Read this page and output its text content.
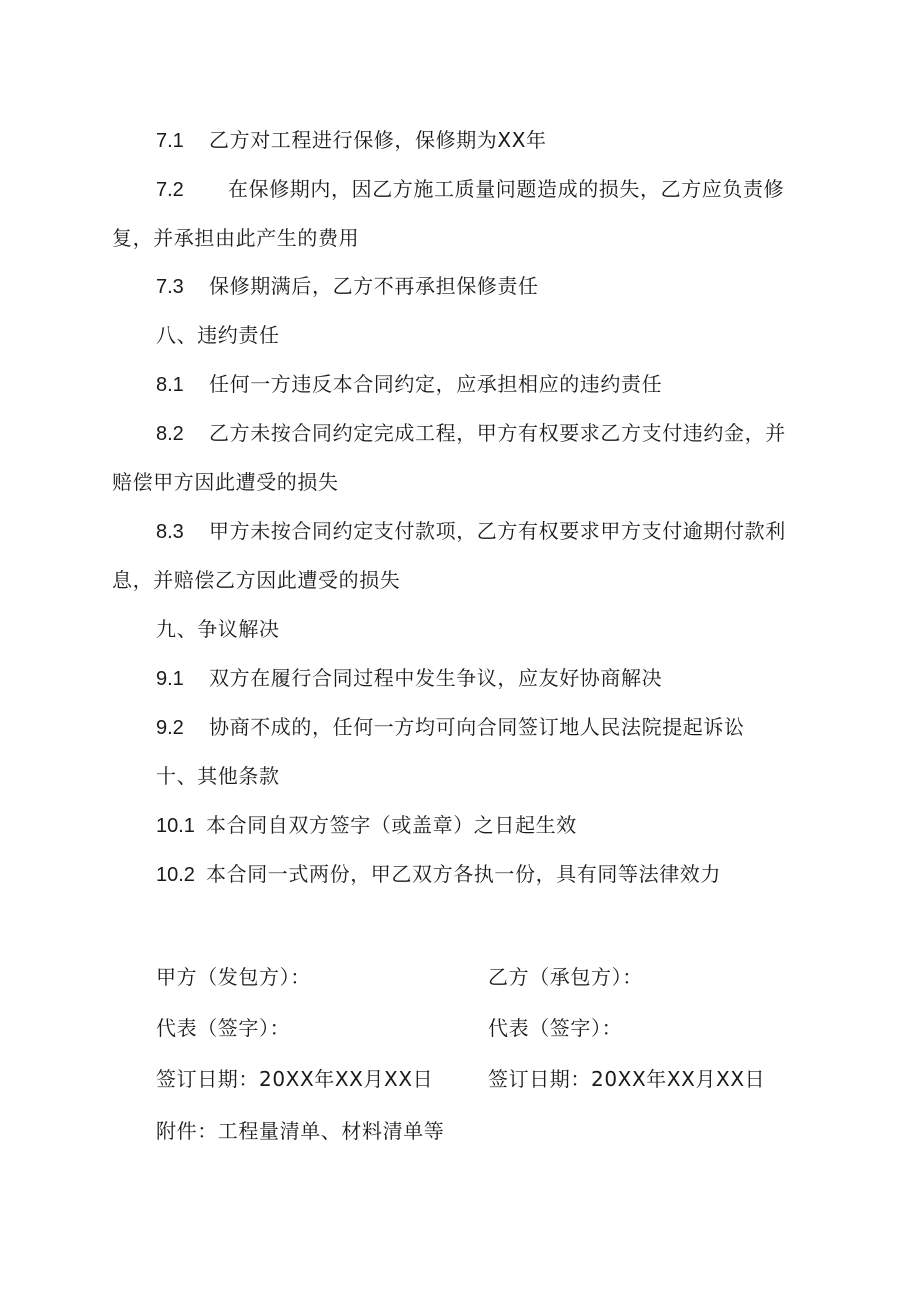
7.1 乙方对工程进行保修，保修期为XX年
7.2 在保修期内，因乙方施工质量问题造成的损失，乙方应负责修
复，并承担由此产生的费用
7.3 保修期满后，乙方不再承担保修责任
八、违约责任
8.1 任何一方违反本合同约定，应承担相应的违约责任
8.2 乙方未按合同约定完成工程，甲方有权要求乙方支付违约金，并
赔偿甲方因此遭受的损失
8.3 甲方未按合同约定支付款项，乙方有权要求甲方支付逾期付款利
息，并赔偿乙方因此遭受的损失
九、争议解决
9.1 双方在履行合同过程中发生争议，应友好协商解决
9.2 协商不成的，任何一方均可向合同签订地人民法院提起诉讼
十、其他条款
10.1 本合同自双方签字（或盖章）之日起生效
10.2 本合同一式两份，甲乙双方各执一份，具有同等法律效力
甲方（发包方）：	乙方（承包方）：
代表（签字）：	代表（签字）：
签订日期：20XX年XX月XX日	签订日期：20XX年XX月XX日
附件：工程量清单、材料清单等
